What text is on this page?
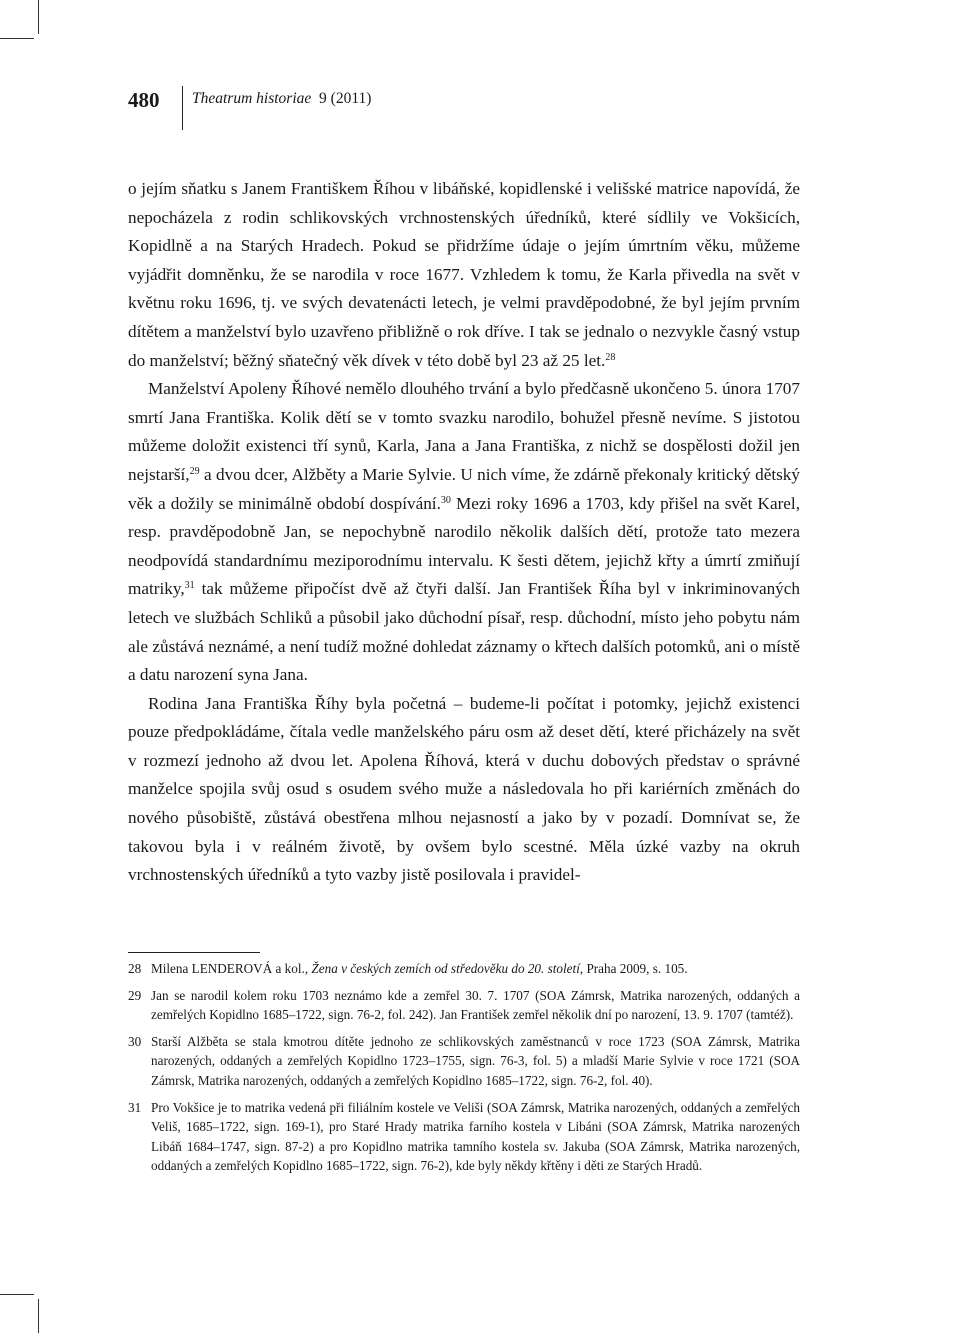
480 Theatrum historiae 9 (2011)

o jejím sňatku s Janem Františkem Říhou v libáňské, kopidlenské i velišské matrice napovídá, že nepocházela z rodin schlikovských vrchnostenských úředníků, které sídlily ve Vokšicích, Kopidlně a na Starých Hradech. Pokud se přidržíme údaje o jejím úmrtním věku, můžeme vyjádřit domněnku, že se narodila v roce 1677. Vzhledem k tomu, že Karla přivedla na svět v květnu roku 1696, tj. ve svých devatenácti letech, je velmi pravděpodobné, že byl jejím prvním dítětem a manželství bylo uzavřeno přibližně o rok dříve. I tak se jednalo o nezvykle časný vstup do manželství; běžný sňatečný věk dívek v této době byl 23 až 25 let.$^{28}$

Manželství Apoleny Říhové nemělo dlouhého trvání a bylo předčasně ukončeno 5. února 1707 smrtí Jana Františka. Kolik dětí se v tomto svazku narodilo, bohužel přesně nevíme. S jistotou můžeme doložit existenci tří synů, Karla, Jana a Jana Františka, z nichž se dospělosti dožil jen nejstarší,$^{29}$ a dvou dcer, Alžběty a Marie Sylvie. U nich víme, že zdárně překonaly kritický dětský věk a dožily se minimálně období dospívání.$^{30}$ Mezi roky 1696 a 1703, kdy přišel na svět Karel, resp. pravděpodobně Jan, se nepochybně narodilo několik dalších dětí, protože tato mezera neodpovídá standardnímu meziporodnímu intervalu. K šesti dětem, jejichž křty a úmrtí zmiňují matriky,$^{31}$ tak můžeme připočíst dvě až čtyři další. Jan František Říha byl v inkriminovaných letech ve službách Schliků a působil jako důchodní písař, resp. důchodní, místo jeho pobytu nám ale zůstává neznámé, a není tudíž možné dohledat záznamy o křtech dalších potomků, ani o místě a datu narození syna Jana.

Rodina Jana Františka Říhy byla početná – budeme-li počítat i potomky, jejichž existenci pouze předpokládáme, čítala vedle manželského páru osm až deset dětí, které přicházely na svět v rozmezí jednoho až dvou let. Apolena Říhová, která v duchu dobových představ o správné manželce spojila svůj osud s osudem svého muže a následovala ho při kariérních změnách do nového působiště, zůstává obestřena mlhou nejasností a jako by v pozadí. Domnívat se, že takovou byla i v reálném životě, by ovšem bylo scestné. Měla úzké vazby na okruh vrchnostenských úředníků a tyto vazby jistě posilovala i pravidel-

28 Milena LENDEROVÁ a kol., Žena v českých zemích od středověku do 20. století, Praha 2009, s. 105.
29 Jan se narodil kolem roku 1703 neznámo kde a zemřel 30. 7. 1707 (SOA Zámrsk, Matrika narozených, oddaných a zemřelých Kopidlno 1685–1722, sign. 76-2, fol. 242). Jan František zemřel několik dní po narození, 13. 9. 1707 (tamtéž).
30 Starší Alžběta se stala kmotrou dítěte jednoho ze schlikovských zaměstnanců v roce 1723 (SOA Zámrsk, Matrika narozených, oddaných a zemřelých Kopidlno 1723–1755, sign. 76-3, fol. 5) a mladší Marie Sylvie v roce 1721 (SOA Zámrsk, Matrika narozených, oddaných a zemřelých Kopidlno 1685–1722, sign. 76-2, fol. 40).
31 Pro Vokšice je to matrika vedená při filiálním kostele ve Veliši (SOA Zámrsk, Matrika narozených, oddaných a zemřelých Veliš, 1685–1722, sign. 169-1), pro Staré Hrady matrika farního kostela v Libáni (SOA Zámrsk, Matrika narozených Libáň 1684–1747, sign. 87-2) a pro Kopidlno matrika tamního kostela sv. Jakuba (SOA Zámrsk, Matrika narozených, oddaných a zemřelých Kopidlno 1685–1722, sign. 76-2), kde byly někdy křtěny i děti ze Starých Hradů.
